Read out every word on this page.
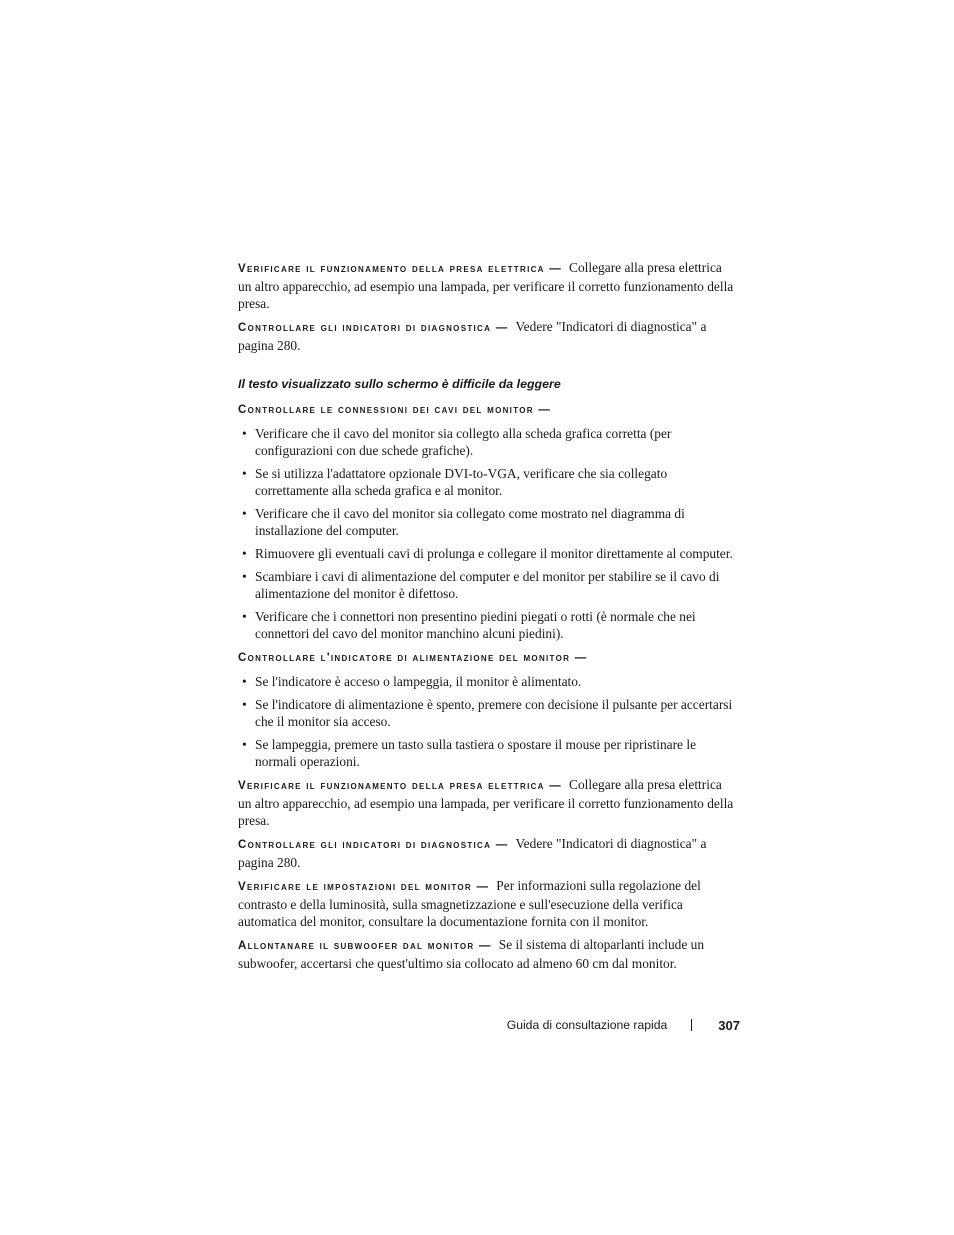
Verificare il funzionamento della presa elettrica — Collegare alla presa elettrica un altro apparecchio, ad esempio una lampada, per verificare il corretto funzionamento della presa.

Controllare gli indicatori di diagnostica — Vedere "Indicatori di diagnostica" a pagina 280.

Il testo visualizzato sullo schermo è difficile da leggere

Controllare le connessioni dei cavi del monitor —

• Verificare che il cavo del monitor sia collegto alla scheda grafica corretta (per configurazioni con due schede grafiche).
• Se si utilizza l'adattatore opzionale DVI-to-VGA, verificare che sia collegato correttamente alla scheda grafica e al monitor.
• Verificare che il cavo del monitor sia collegato come mostrato nel diagramma di installazione del computer.
• Rimuovere gli eventuali cavi di prolunga e collegare il monitor direttamente al computer.
• Scambiare i cavi di alimentazione del computer e del monitor per stabilire se il cavo di alimentazione del monitor è difettoso.
• Verificare che i connettori non presentino piedini piegati o rotti (è normale che nei connettori del cavo del monitor manchino alcuni piedini).

Controllare l'indicatore di alimentazione del monitor —

• Se l'indicatore è acceso o lampeggia, il monitor è alimentato.
• Se l'indicatore di alimentazione è spento, premere con decisione il pulsante per accertarsi che il monitor sia acceso.
• Se lampeggia, premere un tasto sulla tastiera o spostare il mouse per ripristinare le normali operazioni.

Verificare il funzionamento della presa elettrica — Collegare alla presa elettrica un altro apparecchio, ad esempio una lampada, per verificare il corretto funzionamento della presa.

Controllare gli indicatori di diagnostica — Vedere "Indicatori di diagnostica" a pagina 280.

Verificare le impostazioni del monitor — Per informazioni sulla regolazione del contrasto e della luminosità, sulla smagnetizzazione e sull'esecuzione della verifica automatica del monitor, consultare la documentazione fornita con il monitor.

Allontanare il subwoofer dal monitor — Se il sistema di altoparlanti include un subwoofer, accertarsi che quest'ultimo sia collocato ad almeno 60 cm dal monitor.

Guida di consultazione rapida	307
